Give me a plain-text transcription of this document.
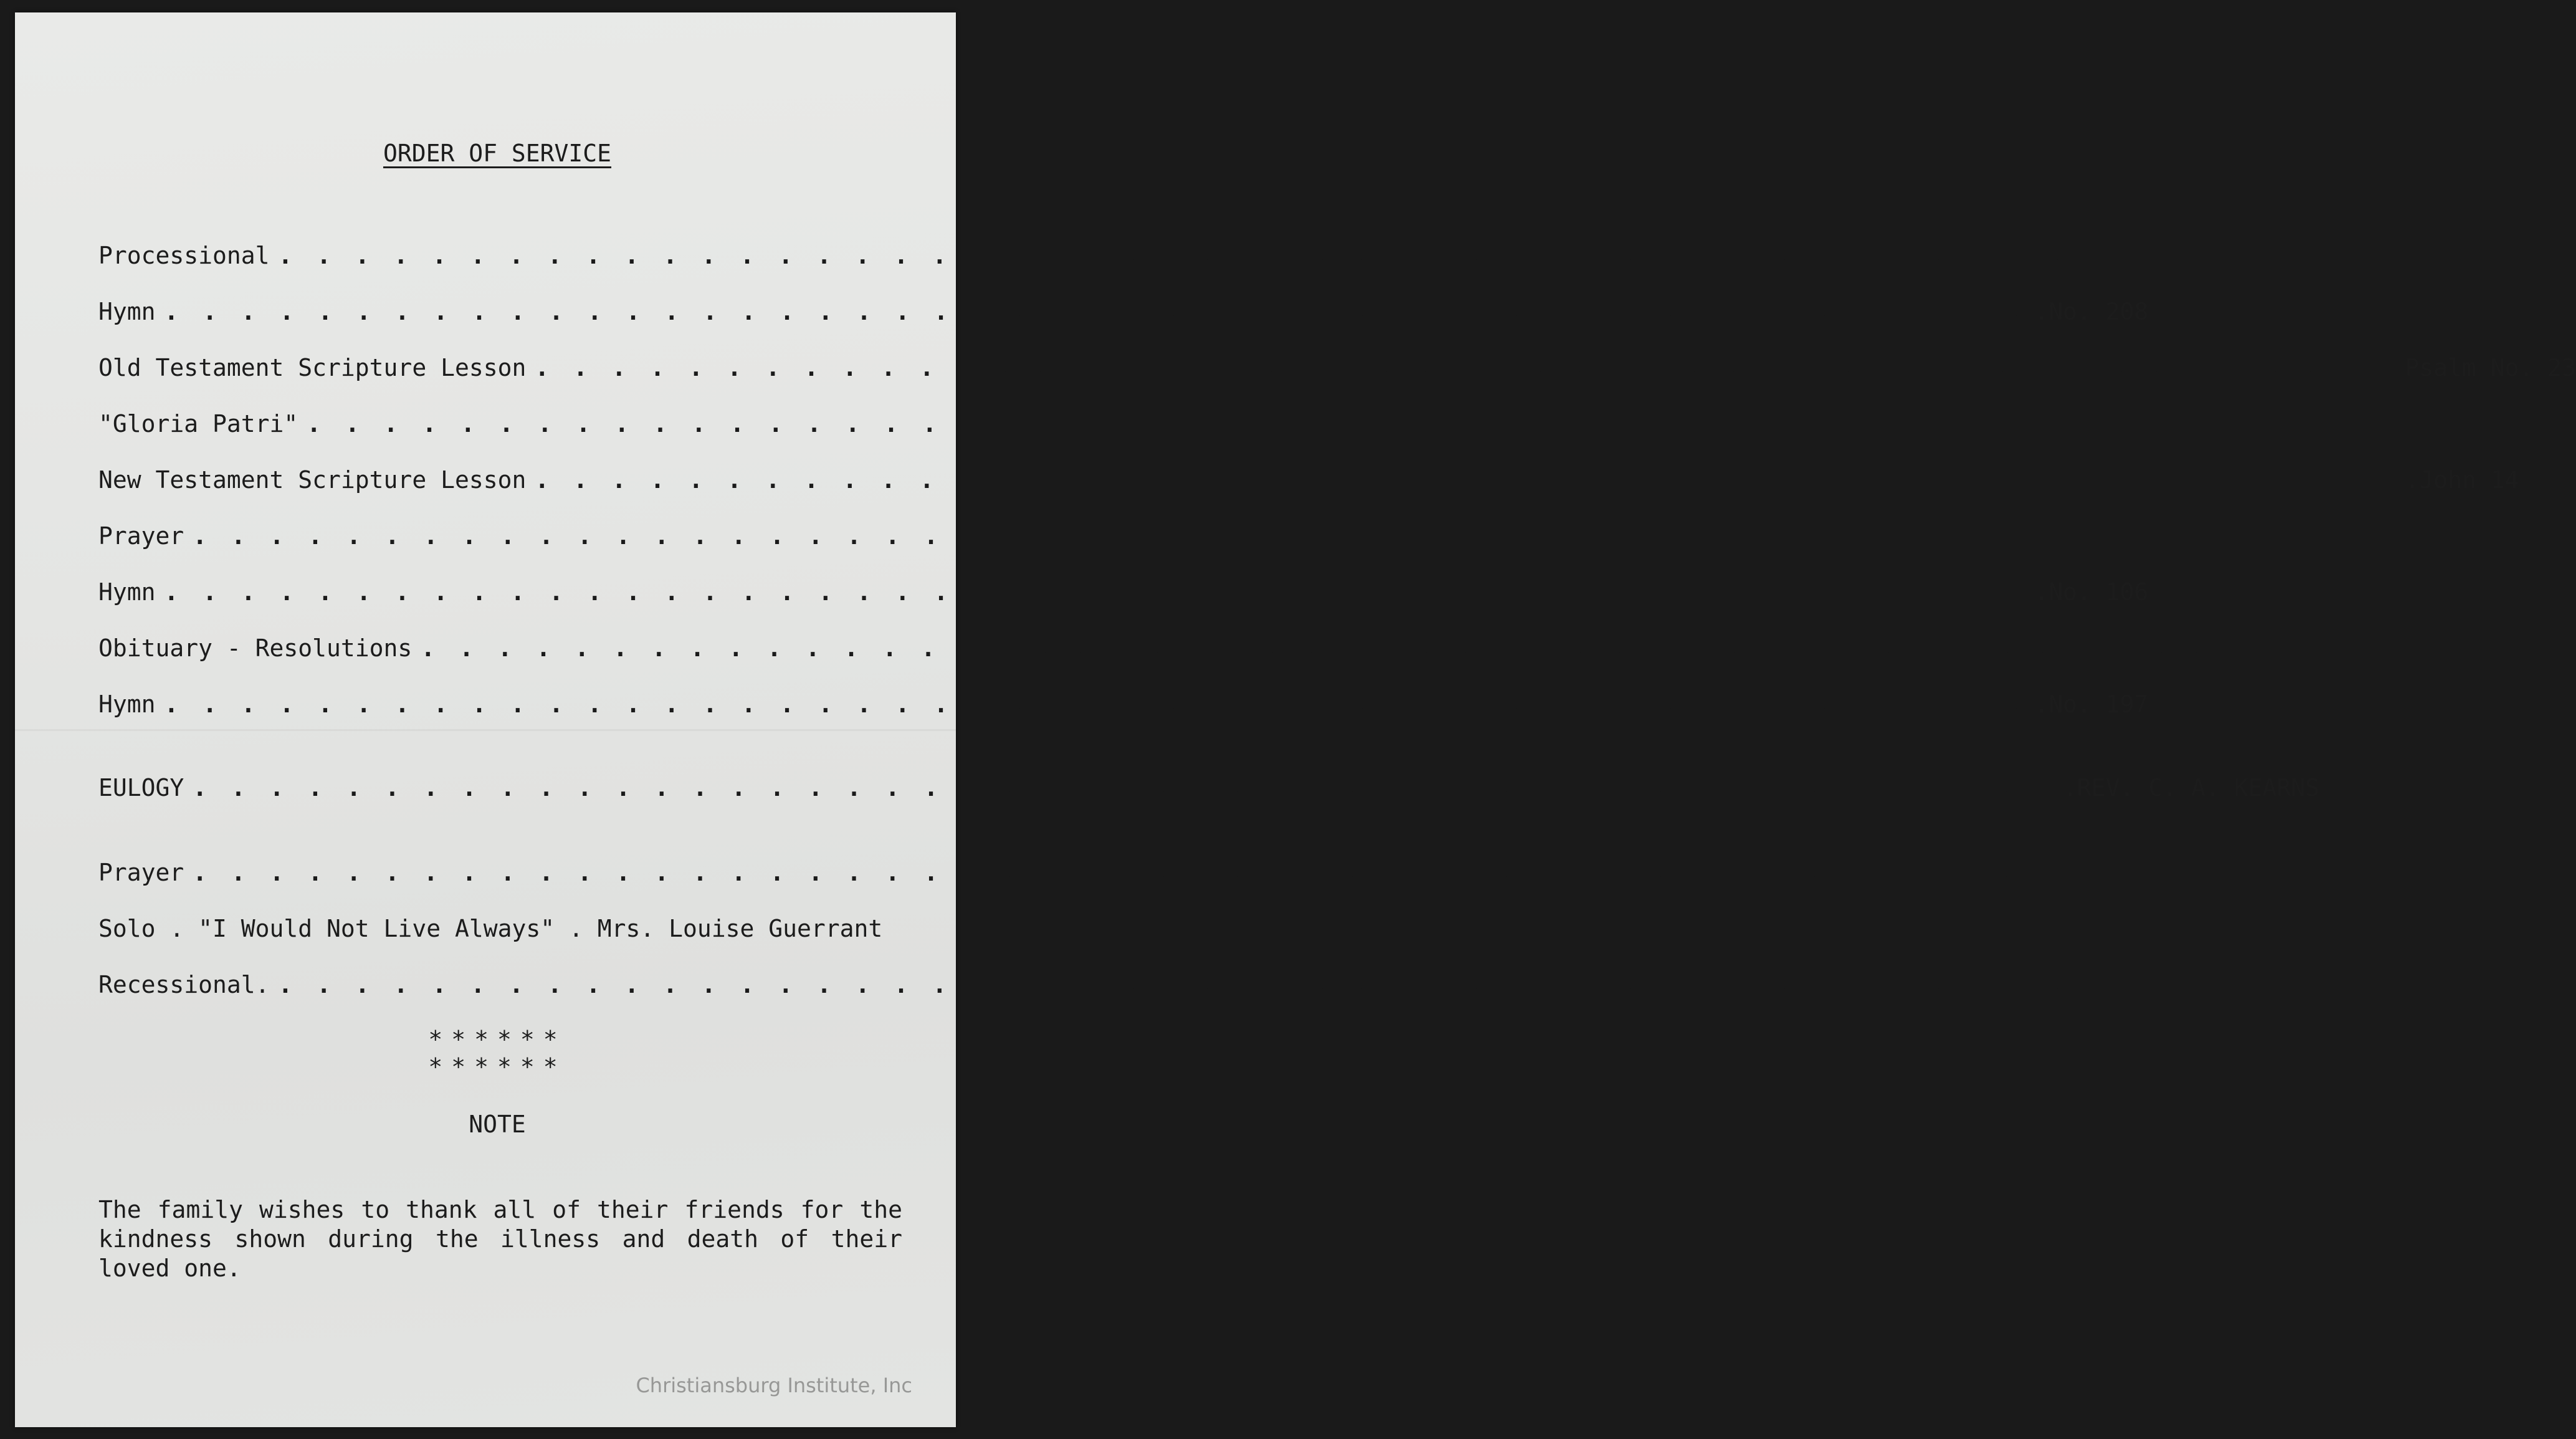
ORDER OF SERVICE
Processional . . . . . . . . . . . . . . . . . . . . . . . . . . . . . . . . . . . . . . . . . . . . . . . . .
Hymn . . . . . . . . . . . . . . . . . . . . . . . . . . . . . . . . . . . . . . . . . . . . . . . . . .No. 208
Old Testament Scripture Lesson . . . . . . . . . . . . . . . . . . . . . . . . . . . . . . . . . . . . . . . . . . . . . . . . . Psalm No. 23
"Gloria Patri" . . . . . . . . . . . . . . . . . . . . . . . . . . . . . . . . . . . . . . . . . . . . . . . . .
New Testament Scripture Lesson . . . . . . . . . . . . . . . . . . . . . . . . . . . . . . . . . . . . . . . . . . . . . . . . . .John 14
Prayer . . . . . . . . . . . . . . . . . . . . . . . . . . . . . . . . . . . . . . . . . . . . . . . . .
Hymn . . . . . . . . . . . . . . . . . . . . . . . . . . . . . . . . . . . . . . . . . . . . . . . . . .No. 106
Obituary - Resolutions . . . . . . . . . . . . . . . . . . . . . . . . . . . . . . . . . . . . . . . . . . . . . . . . .
Hymn . . . . . . . . . . . . . . . . . . . . . . . . . . . . . . . . . . . . . . . . . . . . . . . . . .No. 197
EULOGY . . . . . . . . . . . . . . . . . . . . . . . . . . . . . . . . . . . . . . . . . . . . . . . . . .REV. C. A. KEARNS
Prayer . . . . . . . . . . . . . . . . . . . . . . . . . . . . . . . . . . . . . . . . . . . . . . . . .
Solo . "I Would Not Live Always" . Mrs. Louise Guerrant
Recessional. . . . . . . . . . . . . . . . . . . . . . . . . . . . . . . . . . . . . . . . . . . . . . . . . .
******
******
NOTE
The family wishes to thank all of their friends for the kindness shown during the illness and death of their loved one.
Christiansburg Institute, Inc
